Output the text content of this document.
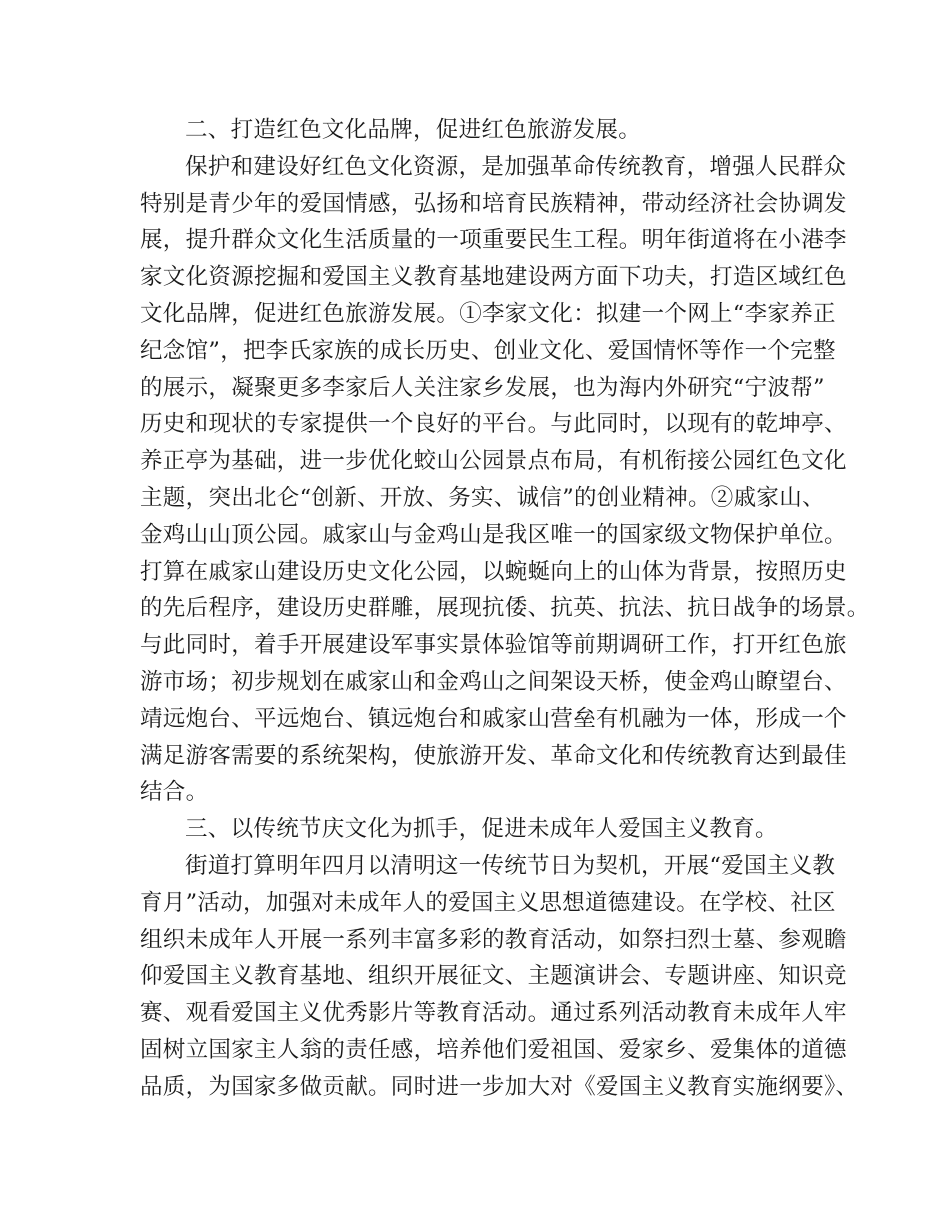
二、打造红色文化品牌，促进红色旅游发展。
保护和建设好红色文化资源，是加强革命传统教育，增强人民群众
特别是青少年的爱国情感，弘扬和培育民族精神，带动经济社会协调发
展，提升群众文化生活质量的一项重要民生工程。明年街道将在小港李
家文化资源挖掘和爱国主义教育基地建设两方面下功夫，打造区域红色
文化品牌，促进红色旅游发展。①李家文化：拟建一个网上“李家养正
纪念馆”，把李氏家族的成长历史、创业文化、爱国情怀等作一个完整
的展示，凝聚更多李家后人关注家乡发展，也为海内外研究“宁波帮”
历史和现状的专家提供一个良好的平台。与此同时，以现有的乾坤亭、
养正亭为基础，进一步优化蛟山公园景点布局，有机衔接公园红色文化
主题，突出北仑“创新、开放、务实、诚信”的创业精神。②戚家山、
金鸡山山顶公园。戚家山与金鸡山是我区唯一的国家级文物保护单位。
打算在戚家山建设历史文化公园，以蜿蜒向上的山体为背景，按照历史
的先后程序，建设历史群雕，展现抗倭、抗英、抗法、抗日战争的场景。
与此同时，着手开展建设军事实景体验馆等前期调研工作，打开红色旅
游市场；初步规划在戚家山和金鸡山之间架设天桥，使金鸡山瞭望台、
靖远炮台、平远炮台、镇远炮台和戚家山营垒有机融为一体，形成一个
满足游客需要的系统架构，使旅游开发、革命文化和传统教育达到最佳
结合。
三、以传统节庆文化为抓手，促进未成年人爱国主义教育。
街道打算明年四月以清明这一传统节日为契机，开展“爱国主义教
育月”活动，加强对未成年人的爱国主义思想道德建设。在学校、社区
组织未成年人开展一系列丰富多彩的教育活动，如祭扫烈士墓、参观瞻
仰爱国主义教育基地、组织开展征文、主题演讲会、专题讲座、知识竞
赛、观看爱国主义优秀影片等教育活动。通过系列活动教育未成年人牢
固树立国家主人翁的责任感，培养他们爱祖国、爱家乡、爱集体的道德
品质，为国家多做贡献。同时进一步加大对《爱国主义教育实施纲要》、
